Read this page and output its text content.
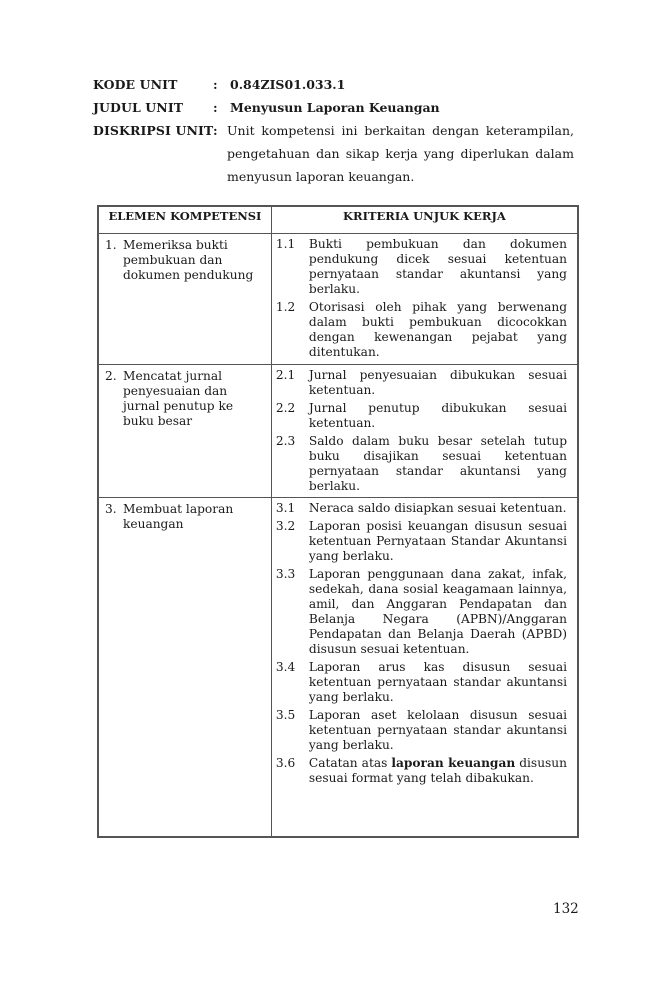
KODE UNIT	: 0.84ZIS01.033.1
JUDUL UNIT : Menyusun Laporan Keuangan
DISKRIPSI UNIT : Unit kompetensi ini berkaitan dengan keterampilan, pengetahuan dan sikap kerja yang diperlukan dalam menyusun laporan keuangan.
ELEMEN KOMPETENSI	KRITERIA UNJUK KERJA

1. Memeriksa bukti pembukuan dan dokumen pendukung

1.1	Bukti pembukuan dan dokumen pendukung dicek sesuai ketentuan pernyataan standar akuntansi yang berlaku.
1.2	Otorisasi oleh pihak yang berwenang dalam bukti pembukuan dicocokkan dengan kewenangan pejabat yang ditentukan.

2. Mencatat jurnal penyesuaian dan jurnal penutup ke buku besar

2.1	Jurnal penyesuaian dibukukan sesuai ketentuan.
2.2	Jurnal penutup dibukukan sesuai ketentuan.
2.3	Saldo dalam buku besar setelah tutup buku disajikan sesuai ketentuan pernyataan standar akuntansi yang berlaku.

3. Membuat laporan keuangan

3.1	Neraca saldo disiapkan sesuai ketentuan.
3.2	Laporan posisi keuangan disusun sesuai ketentuan Pernyataan Standar Akuntansi yang berlaku.
3.3	Laporan penggunaan dana zakat, infak, sedekah, dana sosial keagamaan lainnya, amil, dan Anggaran Pendapatan dan Belanja Negara (APBN)/Anggaran Pendapatan dan Belanja Daerah (APBD) disusun sesuai ketentuan.
3.4	Laporan arus kas disusun sesuai ketentuan pernyataan standar akuntansi yang berlaku.
3.5	Laporan aset kelolaan disusun sesuai ketentuan pernyataan standar akuntansi yang berlaku.
3.6	Catatan atas laporan keuangan disusun sesuai format yang telah dibakukan.
132
